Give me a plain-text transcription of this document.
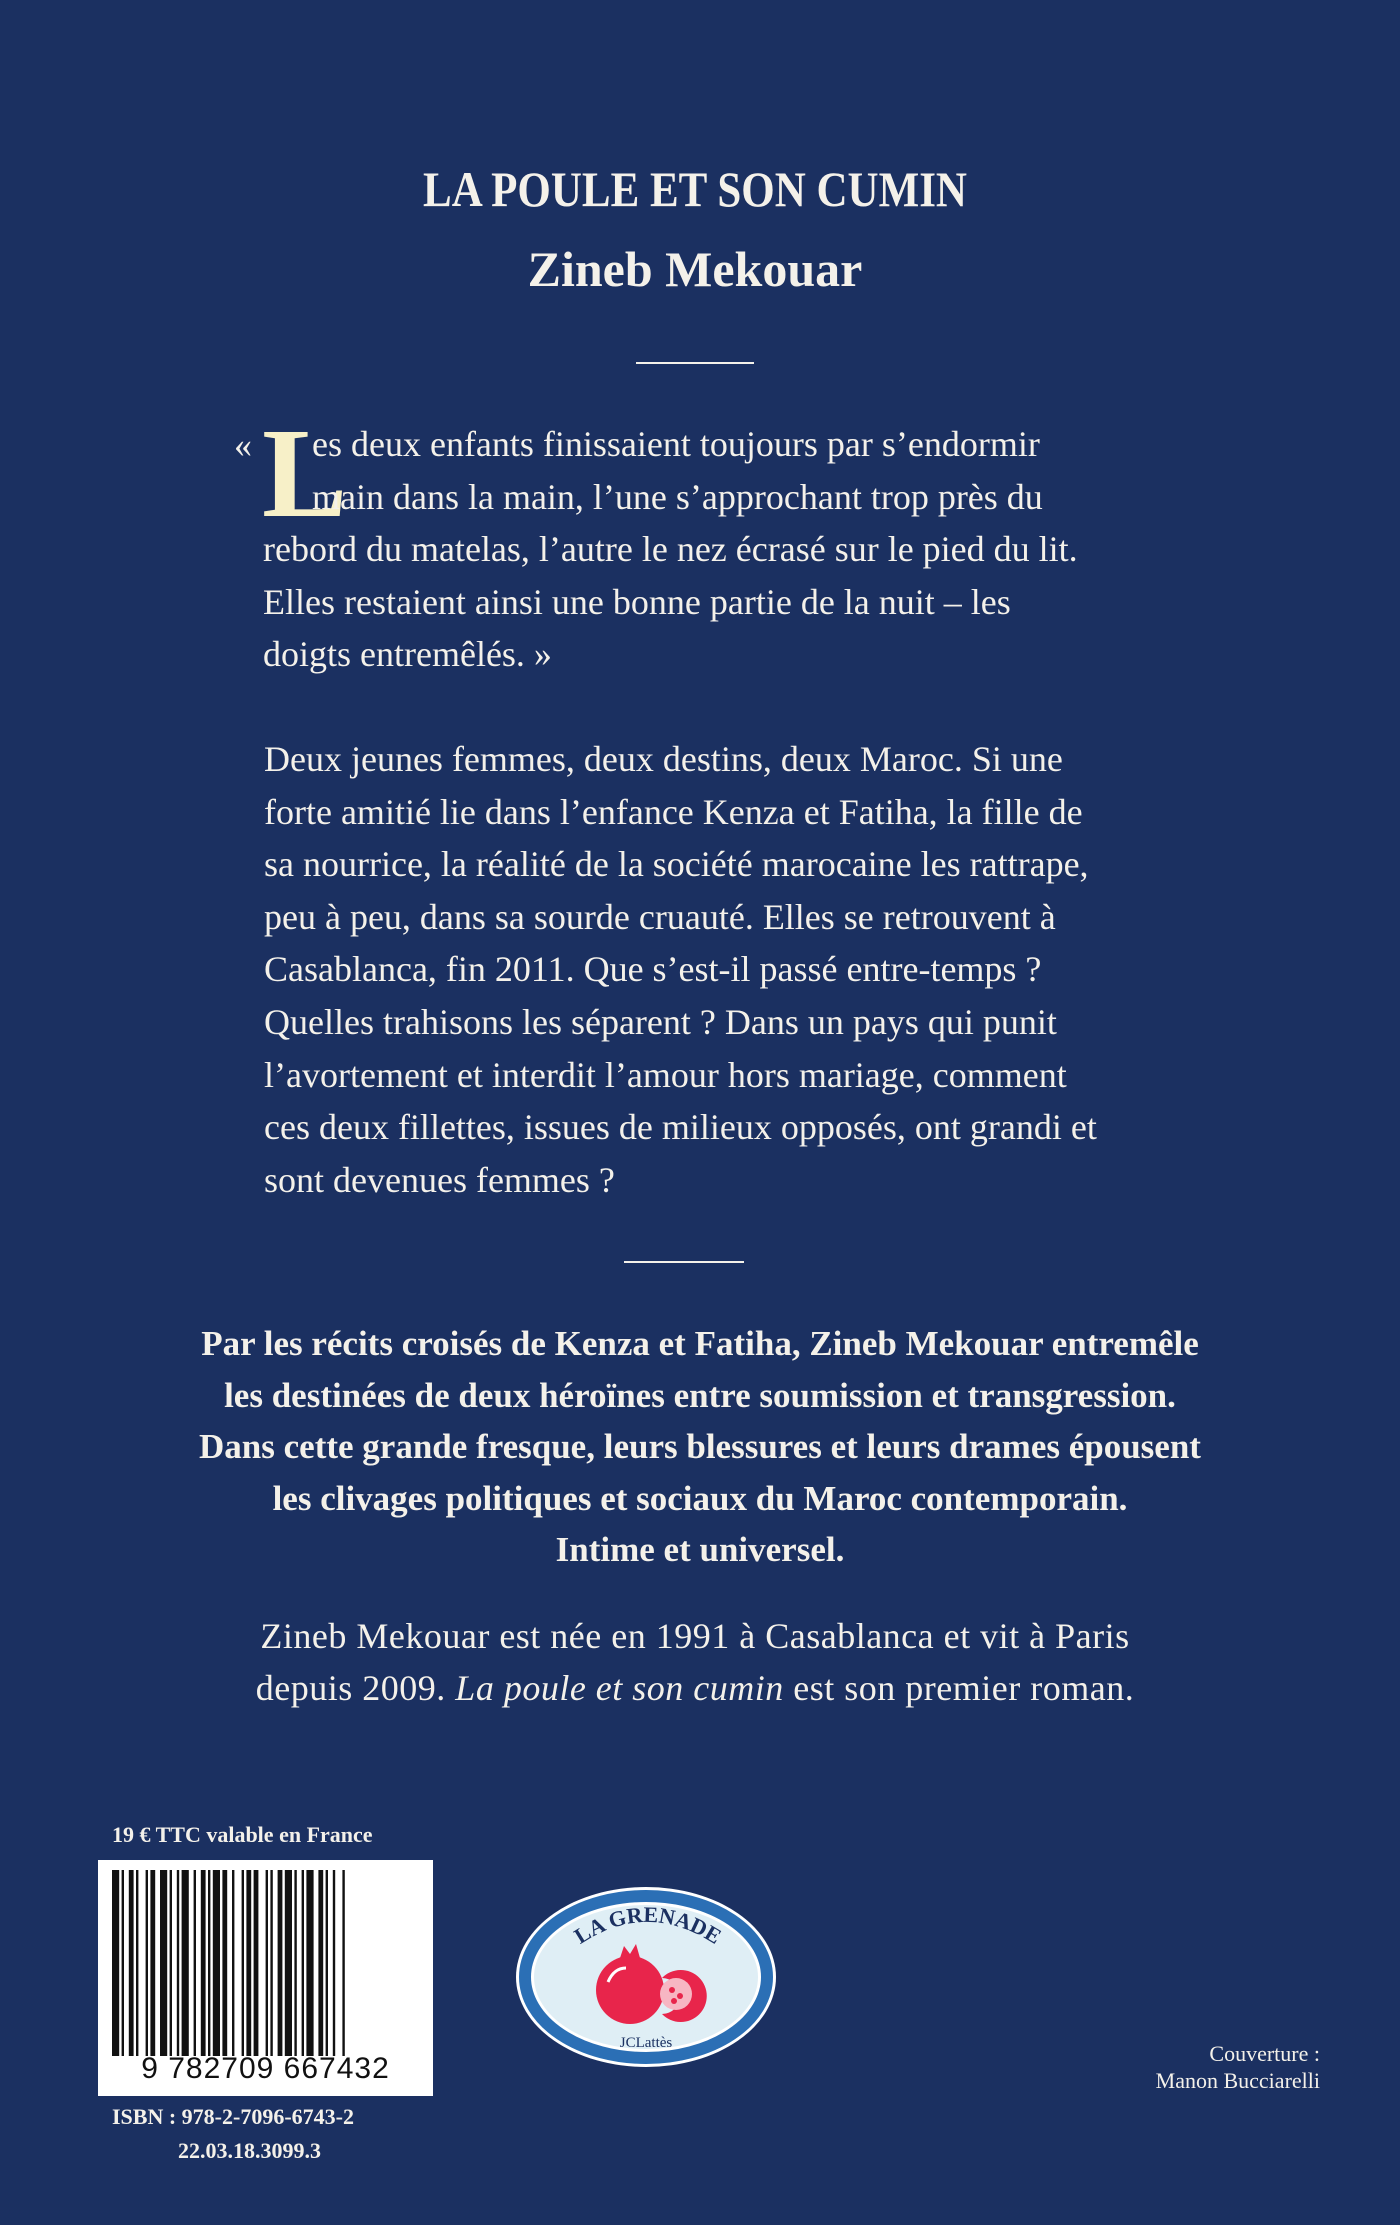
LA POULE ET SON CUMIN
Zineb Mekouar
« L
es deux enfants finissaient toujours par s’endormir
main dans la main, l’une s’approchant trop près du
rebord du matelas, l’autre le nez écrasé sur le pied du lit.
Elles restaient ainsi une bonne partie de la nuit – les
doigts entremêlés. »
Deux jeunes femmes, deux destins, deux Maroc. Si une
forte amitié lie dans l’enfance Kenza et Fatiha, la fille de
sa nourrice, la réalité de la société marocaine les rattrape,
peu à peu, dans sa sourde cruauté. Elles se retrouvent à
Casablanca, fin 2011. Que s’est-il passé entre-temps ?
Quelles trahisons les séparent ? Dans un pays qui punit
l’avortement et interdit l’amour hors mariage, comment
ces deux fillettes, issues de milieux opposés, ont grandi et
sont devenues femmes ?
Par les récits croisés de Kenza et Fatiha, Zineb Mekouar entremêle
les destinées de deux héroïnes entre soumission et transgression.
Dans cette grande fresque, leurs blessures et leurs drames épousent
les clivages politiques et sociaux du Maroc contemporain.
Intime et universel.
Zineb Mekouar est née en 1991 à Casablanca et vit à Paris
depuis 2009. La poule et son cumin est son premier roman.
19 € TTC valable en France
9 782709 667432
ISBN : 978-2-7096-6743-2
22.03.18.3099.3
LA GRENADE
JCLattès	Couverture :
Manon Bucciarelli
